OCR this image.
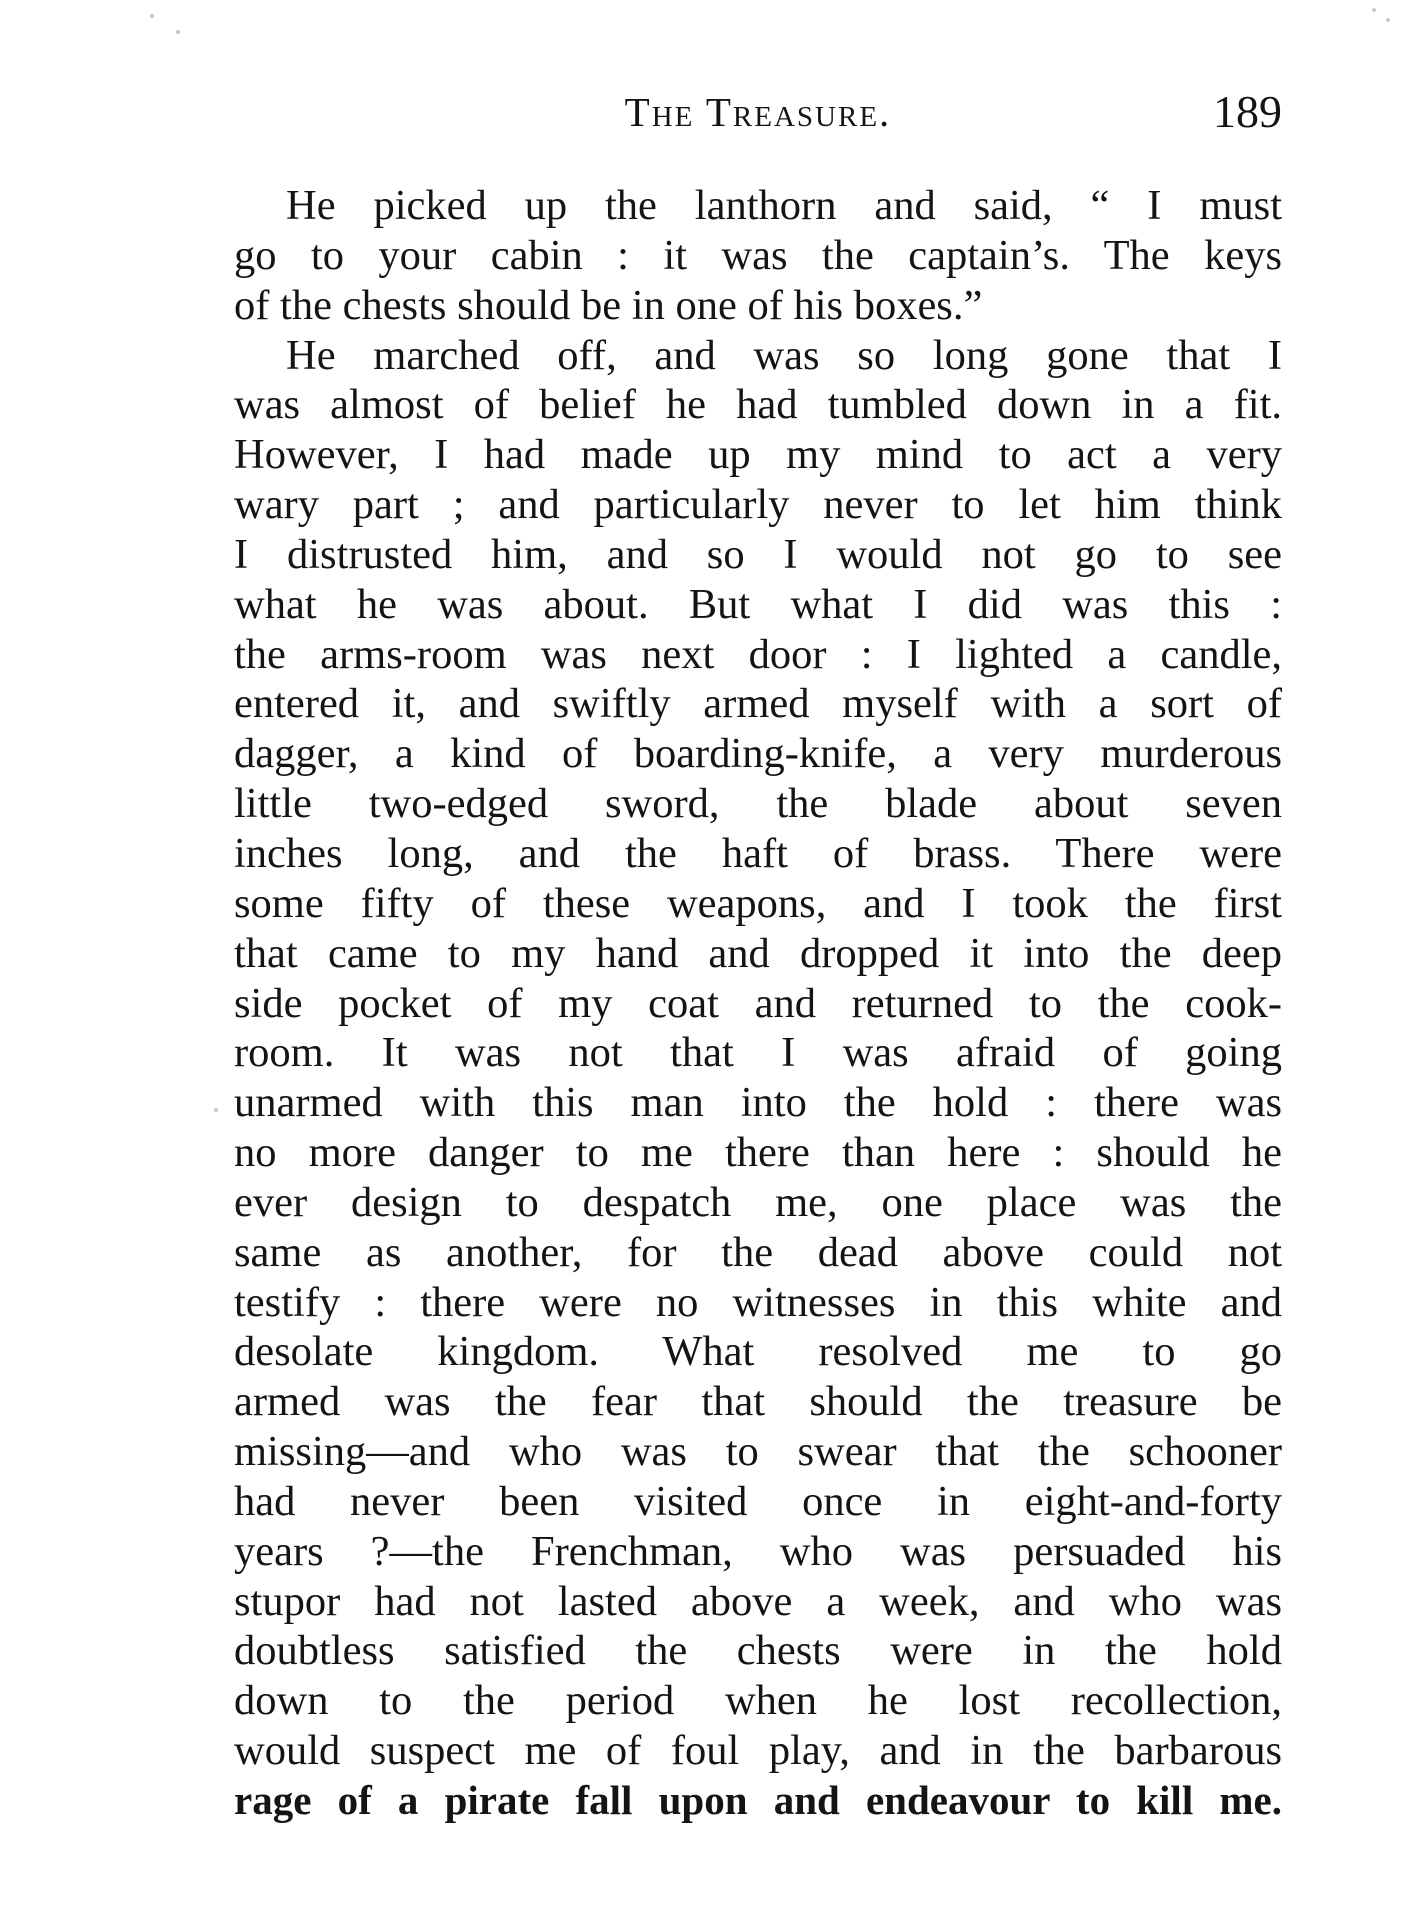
The Treasure.	189
He picked up the lanthorn and said, “ I must
go to your cabin : it was the captain’s. The keys
of the chests should be in one of his boxes.”
He marched off, and was so long gone that I
was almost of belief he had tumbled down in a fit.
However, I had made up my mind to act a very
wary part ; and particularly never to let him think
I distrusted him, and so I would not go to see
what he was about. But what I did was this :
the arms-room was next door : I lighted a candle,
entered it, and swiftly armed myself with a sort of
dagger, a kind of boarding-knife, a very murderous
little two-edged sword, the blade about seven
inches long, and the haft of brass. There were
some fifty of these weapons, and I took the first
that came to my hand and dropped it into the deep
side pocket of my coat and returned to the cook-
room. It was not that I was afraid of going
unarmed with this man into the hold : there was
no more danger to me there than here : should he
ever design to despatch me, one place was the
same as another, for the dead above could not
testify : there were no witnesses in this white and
desolate kingdom. What resolved me to go
armed was the fear that should the treasure be
missing—and who was to swear that the schooner
had never been visited once in eight-and-forty
years ?—the Frenchman, who was persuaded his
stupor had not lasted above a week, and who was
doubtless satisfied the chests were in the hold
down to the period when he lost recollection,
would suspect me of foul play, and in the barbarous
rage of a pirate fall upon and endeavour to kill me.
